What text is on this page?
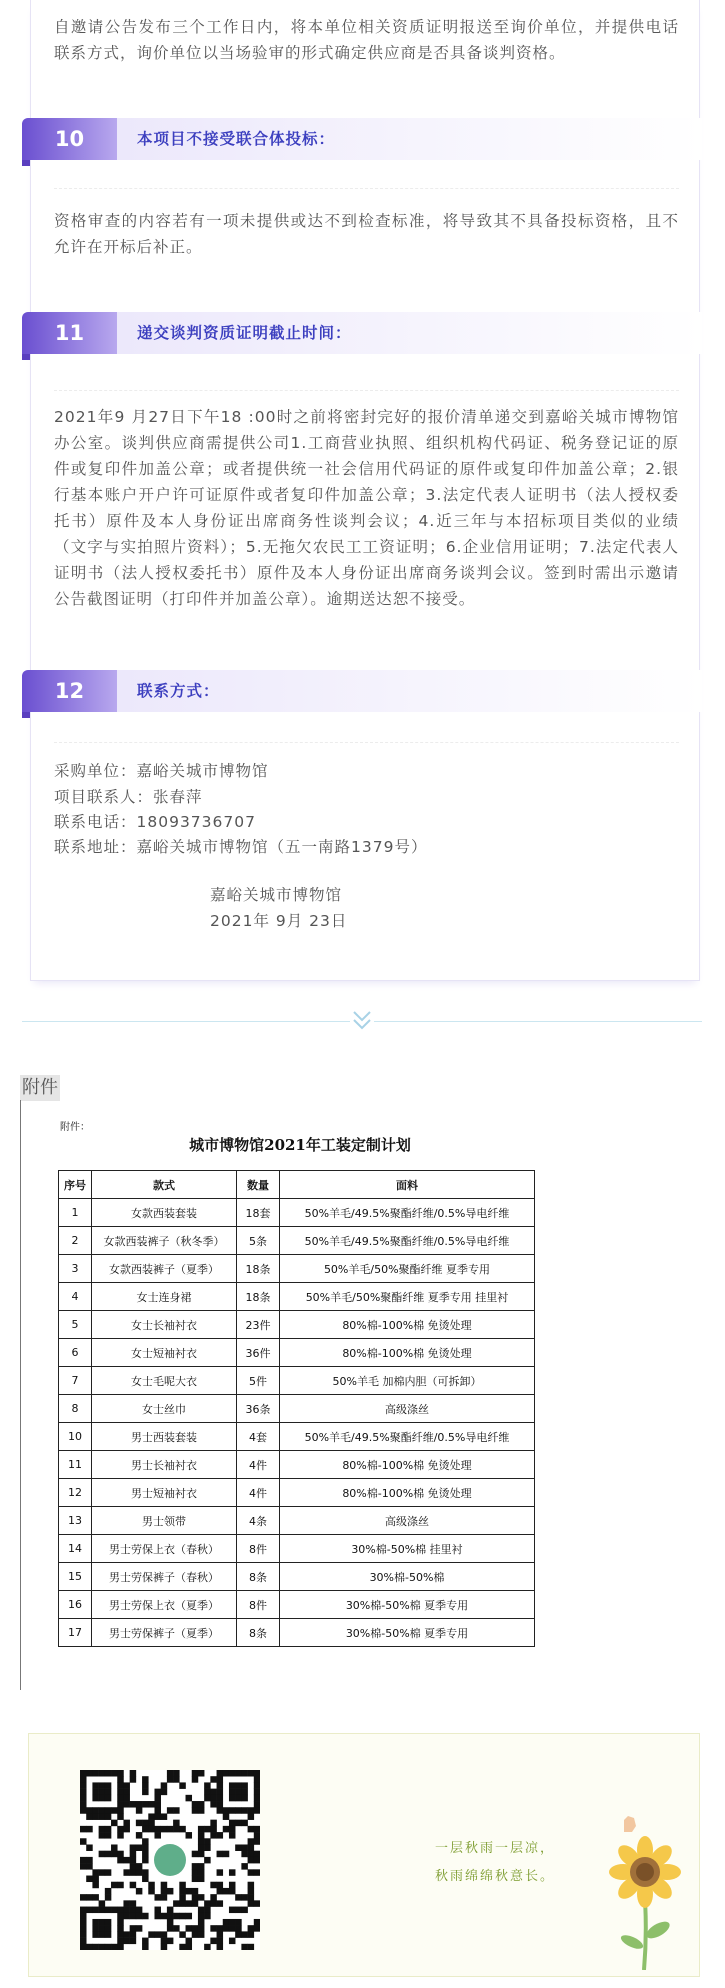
自邀请公告发布三个工作日内，将本单位相关资质证明报送至询价单位，并提供电话联系方式，询价单位以当场验审的形式确定供应商是否具备谈判资格。

10	本项目不接受联合体投标：

资格审查的内容若有一项未提供或达不到检查标准，将导致其不具备投标资格，且不允许在开标后补正。

11	递交谈判资质证明截止时间：

2021年9 月27日下午18 :00时之前将密封完好的报价清单递交到嘉峪关城市博物馆办公室。谈判供应商需提供公司1.工商营业执照、组织机构代码证、税务登记证的原件或复印件加盖公章；或者提供统一社会信用代码证的原件或复印件加盖公章；2.银行基本账户开户许可证原件或者复印件加盖公章；3.法定代表人证明书（法人授权委托书）原件及本人身份证出席商务性谈判会议；4.近三年与本招标项目类似的业绩（文字与实拍照片资料）；5.无拖欠农民工工资证明；6.企业信用证明；7.法定代表人证明书（法人授权委托书）原件及本人身份证出席商务谈判会议。签到时需出示邀请公告截图证明（打印件并加盖公章）。逾期送达恕不接受。

12	联系方式：
采购单位：嘉峪关城市博物馆
项目联系人：张春萍
联系电话：18093736707
联系地址：嘉峪关城市博物馆（五一南路1379号）
嘉峪关城市博物馆
2021年 9月 23日
附件
附件：
城市博物馆2021年工装定制计划
序号	款式	数量	面料
1	女款西装套装	18套	50%羊毛/49.5%聚酯纤维/0.5%导电纤维
2	女款西装裤子（秋冬季）	5条	50%羊毛/49.5%聚酯纤维/0.5%导电纤维
3	女款西装裤子（夏季）	18条	50%羊毛/50%聚酯纤维 夏季专用
4	女士连身裙	18条	50%羊毛/50%聚酯纤维 夏季专用 挂里衬
5	女士长袖衬衣	23件	80%棉-100%棉 免烫处理
6	女士短袖衬衣	36件	80%棉-100%棉 免烫处理
7	女士毛呢大衣	5件	50%羊毛 加棉内胆（可拆卸）
8	女士丝巾	36条	高级涤丝
10	男士西装套装	4套	50%羊毛/49.5%聚酯纤维/0.5%导电纤维
11	男士长袖衬衣	4件	80%棉-100%棉 免烫处理
12	男士短袖衬衣	4件	80%棉-100%棉 免烫处理
13	男士领带	4条	高级涤丝
14	男士劳保上衣（春秋）	8件	30%棉-50%棉 挂里衬
15	男士劳保裤子（春秋）	8条	30%棉-50%棉
16	男士劳保上衣（夏季）	8件	30%棉-50%棉 夏季专用
17	男士劳保裤子（夏季）	8条	30%棉-50%棉 夏季专用
一层秋雨一层凉，
秋雨绵绵秋意长。
